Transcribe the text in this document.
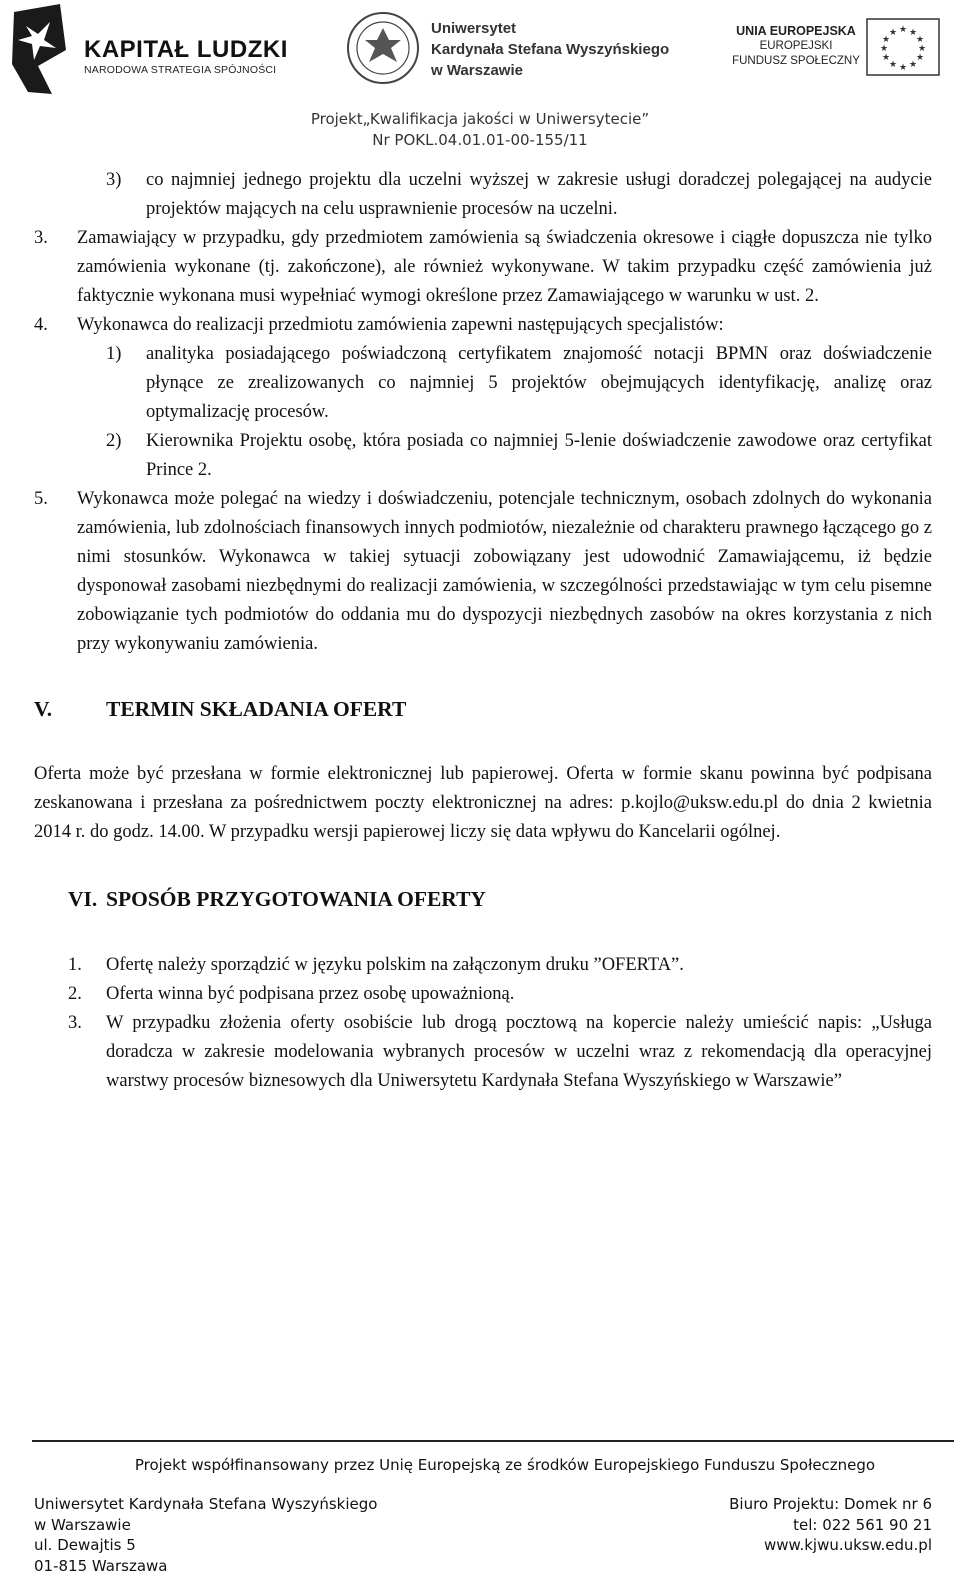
KAPITAŁ LUDZKI
NARODOWA STRATEGIA SPÓJNOŚCI
Uniwersytet
Kardynała Stefana Wyszyńskiego
w Warszawie
UNIA EUROPEJSKA
EUROPEJSKI
FUNDUSZ SPOŁECZNY
★ ★
★
★
★
★
★
★
★
★
★
★
Projekt„Kwalifikacja jakości w Uniwersytecie”
Nr POKL.04.01.01-00-155/11
3) co najmniej jednego projektu dla uczelni wyższej w zakresie usługi doradczej polegającej na audycie projektów mających na celu usprawnienie procesów na uczelni.

3. Zamawiający w przypadku, gdy przedmiotem zamówienia są świadczenia okresowe i ciągłe dopuszcza nie tylko zamówienia wykonane (tj. zakończone), ale również wykonywane. W takim przypadku część zamówienia już faktycznie wykonana musi wypełniać wymogi określone przez Zamawiającego w warunku w ust. 2.

4. Wykonawca do realizacji przedmiotu zamówienia zapewni następujących specjalistów:

1) analityka posiadającego poświadczoną certyfikatem znajomość notacji BPMN oraz doświadczenie płynące ze zrealizowanych co najmniej 5 projektów obejmujących identyfikację, analizę oraz optymalizację procesów.

2) Kierownika Projektu osobę, która posiada co najmniej 5-lenie doświadczenie zawodowe oraz certyfikat Prince 2.

5. Wykonawca może polegać na wiedzy i doświadczeniu, potencjale technicznym, osobach zdolnych do wykonania zamówienia, lub zdolnościach finansowych innych podmiotów, niezależnie od charakteru prawnego łączącego go z nimi stosunków. Wykonawca w takiej sytuacji zobowiązany jest udowodnić Zamawiającemu, iż będzie dysponował zasobami niezbędnymi do realizacji zamówienia, w szczególności przedstawiając w tym celu pisemne zobowiązanie tych podmiotów do oddania mu do dyspozycji niezbędnych zasobów na okres korzystania z nich przy wykonywaniu zamówienia.

V.	TERMIN SKŁADANIA OFERT

Oferta może być przesłana w formie elektronicznej lub papierowej. Oferta w formie skanu powinna być podpisana zeskanowana i przesłana za pośrednictwem poczty elektronicznej na adres: p.kojlo@uksw.edu.pl do dnia 2 kwietnia 2014 r. do godz. 14.00. W przypadku wersji papierowej liczy się data wpływu do Kancelarii ogólnej.

VI. SPOSÓB PRZYGOTOWANIA OFERTY
1. Ofertę należy sporządzić w języku polskim na załączonym druku ”OFERTA”.

2. Oferta winna być podpisana przez osobę upoważnioną.

3. W przypadku złożenia oferty osobiście lub drogą pocztową na kopercie należy umieścić napis: „Usługa doradcza w zakresie modelowania wybranych procesów w uczelni wraz z rekomendacją dla operacyjnej warstwy procesów biznesowych dla Uniwersytetu Kardynała Stefana Wyszyńskiego w Warszawie”

Projekt współfinansowany przez Unię Europejską ze środków Europejskiego Funduszu Społecznego
Uniwersytet Kardynała Stefana Wyszyńskiego
w Warszawie
ul. Dewajtis 5
01-815 Warszawa
Biuro Projektu: Domek nr 6
tel: 022 561 90 21
www.kjwu.uksw.edu.pl
